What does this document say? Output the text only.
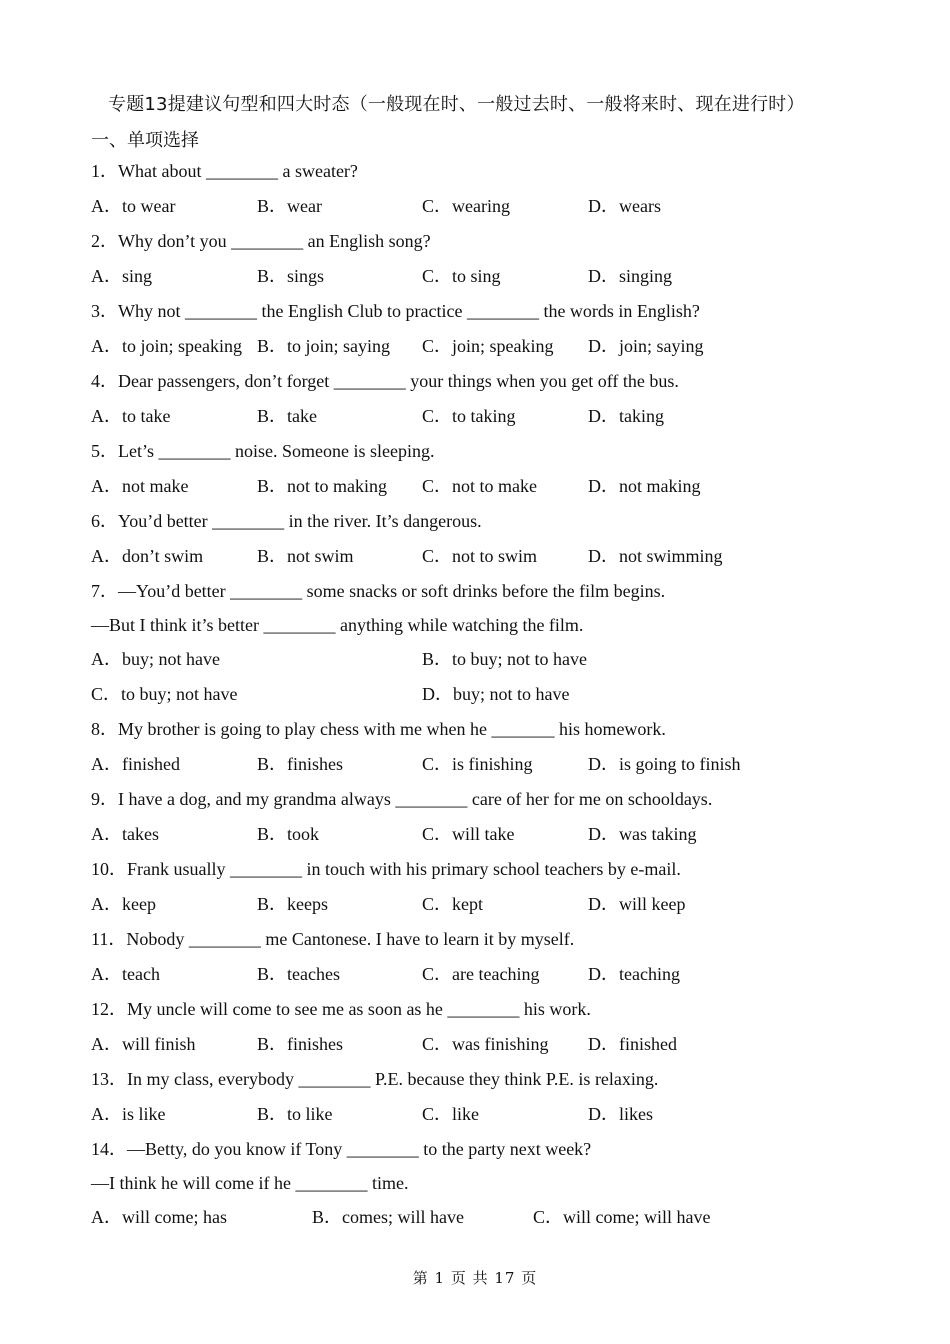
专题13提建议句型和四大时态（一般现在时、一般过去时、一般将来时、现在进行时）
一、单项选择
1．What about ________ a sweater?
A．to wear	B．wear	C．wearing	D．wears
2．Why don’t you ________ an English song?
A．sing	B．sings	C．to sing	D．singing
3．Why not ________ the English Club to practice ________ the words in English?
A．to join; speaking B．to join; saying C．join; speaking D．join; saying
4．Dear passengers, don’t forget ________ your things when you get off the bus.
A．to take	B．take	C．to taking	D．taking
5．Let’s ________ noise. Someone is sleeping.
A．not make	B．not to making C．not to make	D．not making
6．You’d better ________ in the river. It’s dangerous.
A．don’t swim	B．not swim	C．not to swim	D．not swimming
7．—You’d better ________ some snacks or soft drinks before the film begins.
—But I think it’s better ________ anything while watching the film.
A．buy; not have	B．to buy; not to have
C．to buy; not have	D．buy; not to have
8．My brother is going to play chess with me when he _______ his homework.
A．finished	B．finishes	C．is finishing	D．is going to finish
9．I have a dog, and my grandma always ________ care of her for me on schooldays.
A．takes	B．took	C．will take	D．was taking
10．Frank usually ________ in touch with his primary school teachers by e-mail.
A．keep	B．keeps	C．kept	D．will keep
11．Nobody ________ me Cantonese. I have to learn it by myself.
A．teach	B．teaches	C．are teaching	D．teaching
12．My uncle will come to see me as soon as he ________ his work.
A．will finish	B．finishes	C．was finishing D．finished
13．In my class, everybody ________ P.E. because they think P.E. is relaxing.
A．is like	B．to like	C．like	D．likes
14．—Betty, do you know if Tony ________ to the party next week?
—I think he will come if he ________ time.
A．will come; has	B．comes; will have	C．will come; will have
第 1 页 共 17 页
